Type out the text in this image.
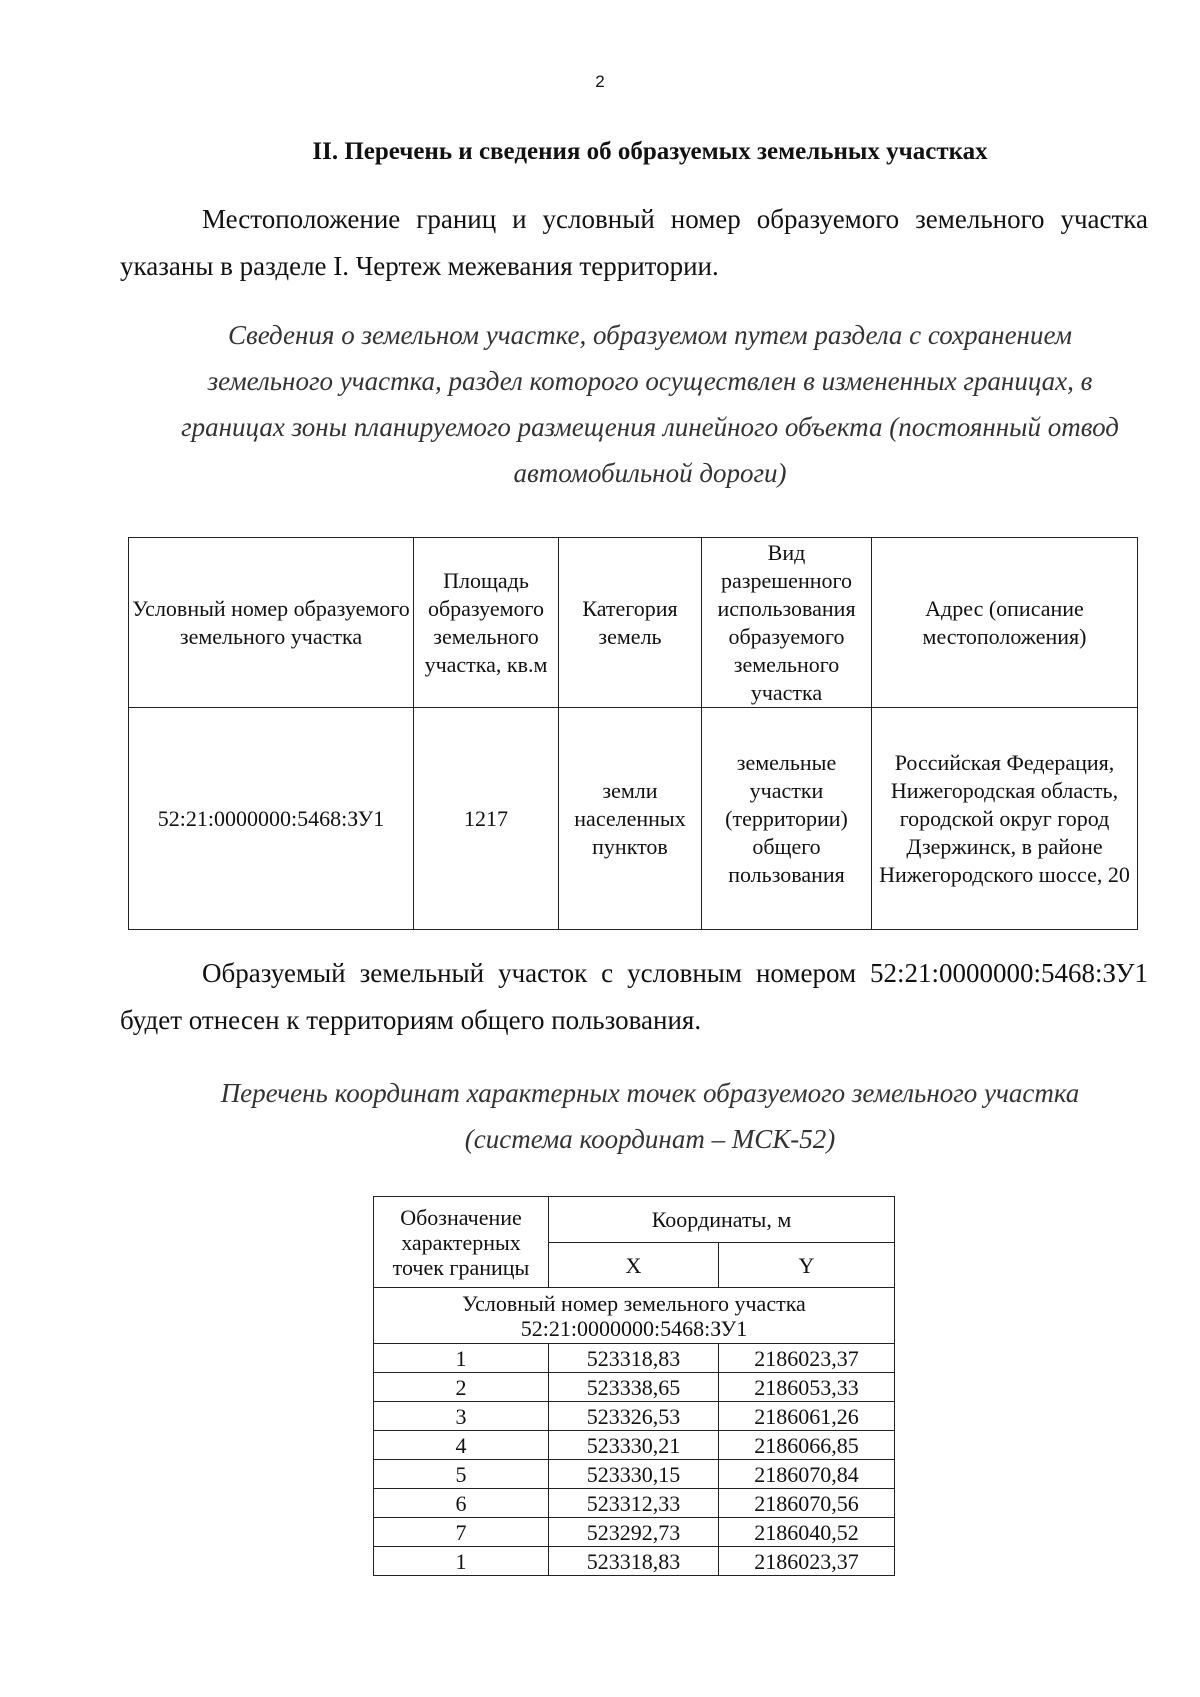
2
II. Перечень и сведения об образуемых земельных участках
Местоположение границ и условный номер образуемого земельного участка указаны в разделе I. Чертеж межевания территории.
Сведения о земельном участке, образуемом путем раздела с сохранением
земельного участка, раздел которого осуществлен в измененных границах, в
границах зоны планируемого размещения линейного объекта (постоянный отвод
автомобильной дороги)
Условный номер образуемого земельного участка	Площадь образуемого земельного участка, кв.м	Категория земель	Вид разрешенного использования образуемого земельного участка	Адрес (описание местоположения)
52:21:0000000:5468:ЗУ1	1217	земли населенных пунктов	земельные участки (территории) общего пользования	Российская Федерация, Нижегородская область, городской округ город Дзержинск, в районе Нижегородского шоссе, 20
Образуемый земельный участок с условным номером 52:21:0000000:5468:ЗУ1 будет отнесен к территориям общего пользования.
Перечень координат характерных точек образуемого земельного участка
(система координат – МСК-52)
Обозначение характерных точек границы	Координаты, м	
	X	Y

Условный номер земельного участка
52:21:0000000:5468:ЗУ1		

1	523318,83	2186023,37
2	523338,65	2186053,33
3	523326,53	2186061,26
4	523330,21	2186066,85
5	523330,15	2186070,84
6	523312,33	2186070,56
7	523292,73	2186040,52
1	523318,83	2186023,37
